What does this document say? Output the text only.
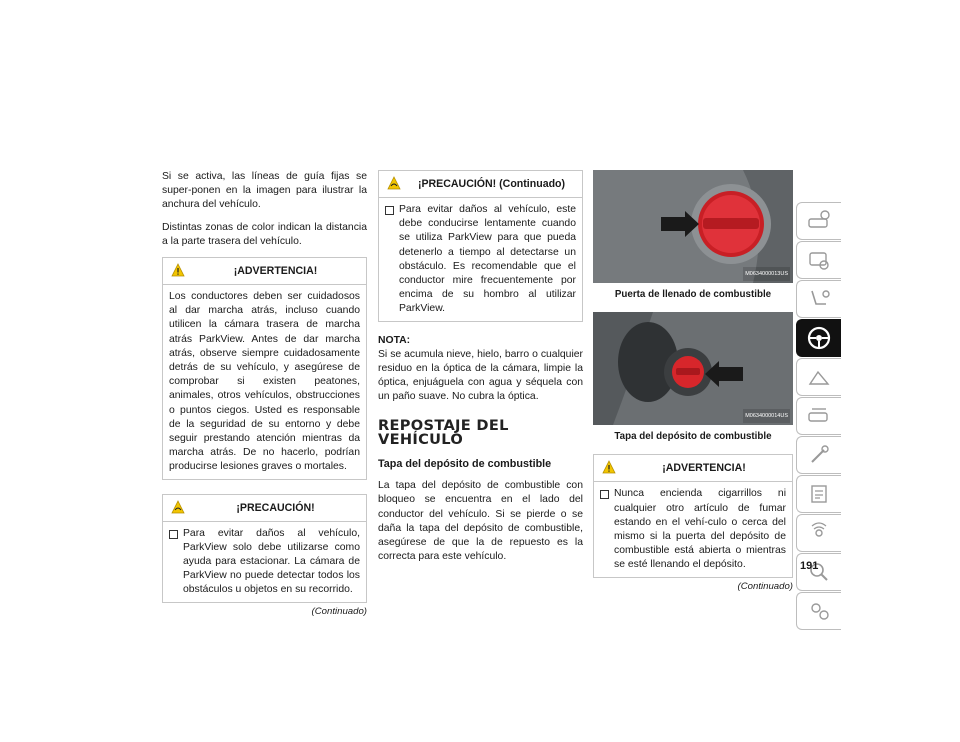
Si se activa, las líneas de guía fijas se super-ponen en la imagen para ilustrar la anchura del vehículo.

Distintas zonas de color indican la distancia a la parte trasera del vehículo.

¡ADVERTENCIA!
Los conductores deben ser cuidadosos al dar marcha atrás, incluso cuando utilicen la cámara trasera de marcha atrás ParkView. Antes de dar marcha atrás, observe siempre cuidadosamente detrás de su vehículo, y asegúrese de comprobar si existen peatones, animales, otros vehículos, obstrucciones o puntos ciegos. Usted es responsable de la seguridad de su entorno y debe seguir prestando atención mientras da marcha atrás. De no hacerlo, podrían producirse lesiones graves o mortales.
¡PRECAUCIÓN!
Para evitar daños al vehículo, ParkView solo debe utilizarse como ayuda para estacionar. La cámara de ParkView no puede detectar todos los obstáculos u objetos en su recorrido.
(Continuado)
¡PRECAUCIÓN! (Continuado)
Para evitar daños al vehículo, este debe conducirse lentamente cuando se utiliza ParkView para que pueda detenerlo a tiempo al detectarse un obstáculo. Es recomendable que el conductor mire frecuentemente por encima de su hombro al utilizar ParkView.

NOTA:

Si se acumula nieve, hielo, barro o cualquier residuo en la óptica de la cámara, limpie la óptica, enjuáguela con agua y séquela con un paño suave. No cubra la óptica.

REPOSTAJE DEL VEHÍCULO
Tapa del depósito de combustible

La tapa del depósito de combustible con bloqueo se encuentra en el lado del conductor del vehículo. Si se pierde o se daña la tapa del depósito de combustible, asegúrese de que la de repuesto es la correcta para este vehículo.

M0634000013US
Puerta de llenado de combustible
M0634000014US
Tapa del depósito de combustible
¡ADVERTENCIA!
Nunca encienda cigarrillos ni cualquier otro artículo de fumar estando en el vehí-culo o cerca del mismo si la puerta del depósito de combustible está abierta o mientras se esté llenando el depósito.
(Continuado)
191
